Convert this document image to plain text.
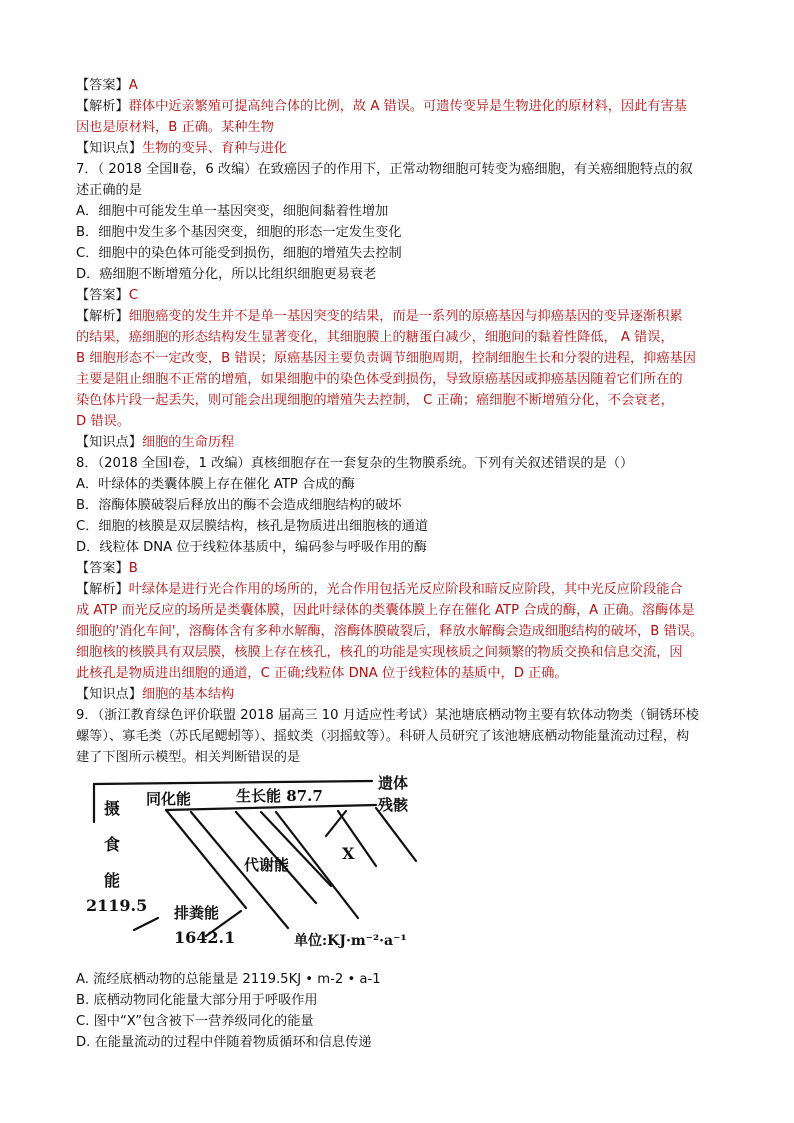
【答案】A
【解析】群体中近亲繁殖可提高纯合体的比例，故 A 错误。可遗传变异是生物进化的原材料，因此有害基
因也是原材料，B 正确。某种生物
【知识点】生物的变异、育种与进化
7．（ 2018 全国Ⅱ卷，6 改编）在致癌因子的作用下，正常动物细胞可转变为癌细胞，有关癌细胞特点的叙
述正确的是
A．细胞中可能发生单一基因突变，细胞间黏着性增加
B．细胞中发生多个基因突变，细胞的形态一定发生变化
C．细胞中的染色体可能受到损伤，细胞的增殖失去控制
D．癌细胞不断增殖分化，所以比组织细胞更易衰老
【答案】C
【解析】细胞癌变的发生并不是单一基因突变的结果，而是一系列的原癌基因与抑癌基因的变异逐渐积累
的结果，癌细胞的形态结构发生显著变化，其细胞膜上的糖蛋白减少，细胞间的黏着性降低， A 错误，
B 细胞形态不一定改变，B 错误；原癌基因主要负责调节细胞周期，控制细胞生长和分裂的进程，抑癌基因
主要是阻止细胞不正常的增殖，如果细胞中的染色体受到损伤，导致原癌基因或抑癌基因随着它们所在的
染色体片段一起丢失，则可能会出现细胞的增殖失去控制， C 正确；癌细胞不断增殖分化，不会衰老，
D 错误。
【知识点】细胞的生命历程
8．（2018 全国Ⅰ卷，1 改编）真核细胞存在一套复杂的生物膜系统。下列有关叙述错误的是（）
A．叶绿体的类囊体膜上存在催化 ATP 合成的酶
B．溶酶体膜破裂后释放出的酶不会造成细胞结构的破坏
C．细胞的核膜是双层膜结构，核孔是物质进出细胞核的通道
D．线粒体 DNA 位于线粒体基质中，编码参与呼吸作用的酶
【答案】B
【解析】叶绿体是进行光合作用的场所的，光合作用包括光反应阶段和暗反应阶段，其中光反应阶段能合
成 ATP 而光反应的场所是类囊体膜，因此叶绿体的类囊体膜上存在催化 ATP 合成的酶，A 正确。溶酶体是
细胞的'消化车间'，溶酶体含有多种水解酶，溶酶体膜破裂后，释放水解酶会造成细胞结构的破坏，B 错误。
细胞核的核膜具有双层膜，核膜上存在核孔，核孔的功能是实现核质之间频繁的物质交换和信息交流，因
此核孔是物质进出细胞的通道，C 正确;线粒体 DNA 位于线粒体的基质中，D 正确。
【知识点】细胞的基本结构
9．（浙江教育绿色评价联盟 2018 届高三 10 月适应性考试）某池塘底栖动物主要有软体动物类（铜锈环棱
螺等）、寡毛类（苏氏尾鳃蚓等）、摇蚊类（羽摇蚊等）。科研人员研究了该池塘底栖动物能量流动过程，构
建了下图所示模型。相关判断错误的是
遗体
残骸
摄
食
能
2119.5
同化能	生长能 87.7
代谢能
X
排粪能
1642.1	单位:KJ·m⁻²·a⁻¹
A. 流经底栖动物的总能量是 2119.5KJ • m-2 • a-1
B. 底栖动物同化能量大部分用于呼吸作用
C. 图中“X”包含被下一营养级同化的能量
D. 在能量流动的过程中伴随着物质循环和信息传递
